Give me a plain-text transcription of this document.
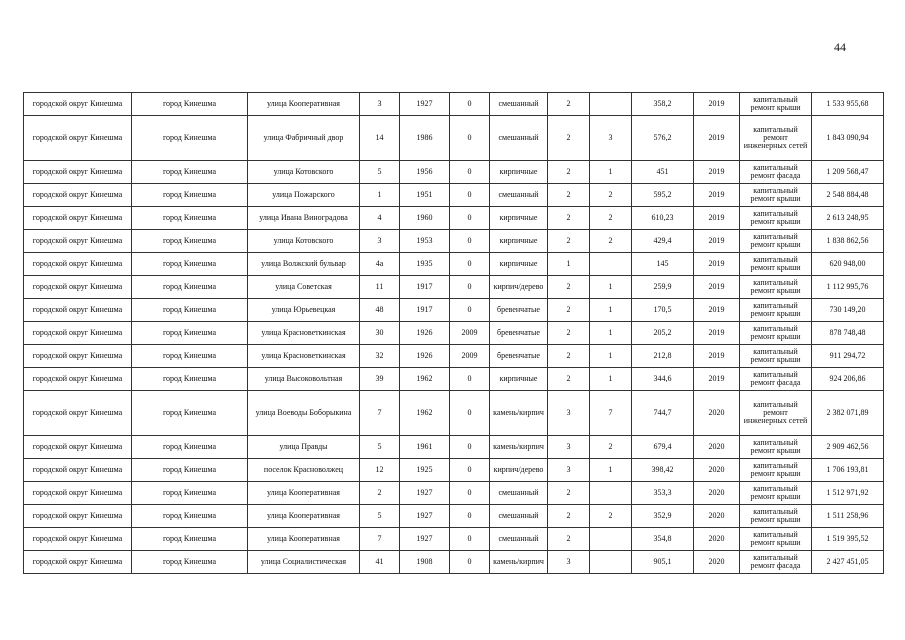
44
городской округ Кинешма	город Кинешма	улица Кооперативная	3	1927	0	смешанный	2		358,2	2019	капитальный ремонт крыши	1 533 955,68
городской округ Кинешма	город Кинешма	улица Фабричный двор	14	1986	0	смешанный	2	3	576,2	2019	капитальный ремонт инженерных сетей	1 843 090,94
городской округ Кинешма	город Кинешма	улица Котовского	5	1956	0	кирпичные	2	1	451	2019	капитальный ремонт фасада	1 209 568,47
городской округ Кинешма	город Кинешма	улица Пожарского	1	1951	0	смешанный	2	2	595,2	2019	капитальный ремонт крыши	2 548 884,48
городской округ Кинешма	город Кинешма	улица Ивана Виноградова	4	1960	0	кирпичные	2	2	610,23	2019	капитальный ремонт крыши	2 613 248,95
городской округ Кинешма	город Кинешма	улица Котовского	3	1953	0	кирпичные	2	2	429,4	2019	капитальный ремонт крыши	1 838 862,56
городской округ Кинешма	город Кинешма	улица Волжский бульвар	4а	1935	0	кирпичные	1		145	2019	капитальный ремонт крыши	620 948,00
городской округ Кинешма	город Кинешма	улица Советская	11	1917	0	кирпич/дерево	2	1	259,9	2019	капитальный ремонт крыши	1 112 995,76
городской округ Кинешма	город Кинешма	улица Юрьевецкая	48	1917	0	бревенчатые	2	1	170,5	2019	капитальный ремонт крыши	730 149,20
городской округ Кинешма	город Кинешма	улица Красноветкинская	30	1926	2009	бревенчатые	2	1	205,2	2019	капитальный ремонт крыши	878 748,48
городской округ Кинешма	город Кинешма	улица Красноветкинская	32	1926	2009	бревенчатые	2	1	212,8	2019	капитальный ремонт крыши	911 294,72
городской округ Кинешма	город Кинешма	улица Высоковольтная	39	1962	0	кирпичные	2	1	344,6	2019	капитальный ремонт фасада	924 206,86
городской округ Кинешма	город Кинешма	улица Воеводы Боборыкина	7	1962	0	камень/кирпич	3	7	744,7	2020	капитальный ремонт инженерных сетей	2 382 071,89
городской округ Кинешма	город Кинешма	улица Правды	5	1961	0	камень/кирпич	3	2	679,4	2020	капитальный ремонт крыши	2 909 462,56
городской округ Кинешма	город Кинешма	поселок Красноволжец	12	1925	0	кирпич/дерево	3	1	398,42	2020	капитальный ремонт крыши	1 706 193,81
городской округ Кинешма	город Кинешма	улица Кооперативная	2	1927	0	смешанный	2		353,3	2020	капитальный ремонт крыши	1 512 971,92
городской округ Кинешма	город Кинешма	улица Кооперативная	5	1927	0	смешанный	2	2	352,9	2020	капитальный ремонт крыши	1 511 258,96
городской округ Кинешма	город Кинешма	улица Кооперативная	7	1927	0	смешанный	2		354,8	2020	капитальный ремонт крыши	1 519 395,52
городской округ Кинешма	город Кинешма	улица Социалистическая	41	1908	0	камень/кирпич	3		905,1	2020	капитальный ремонт фасада	2 427 451,05
